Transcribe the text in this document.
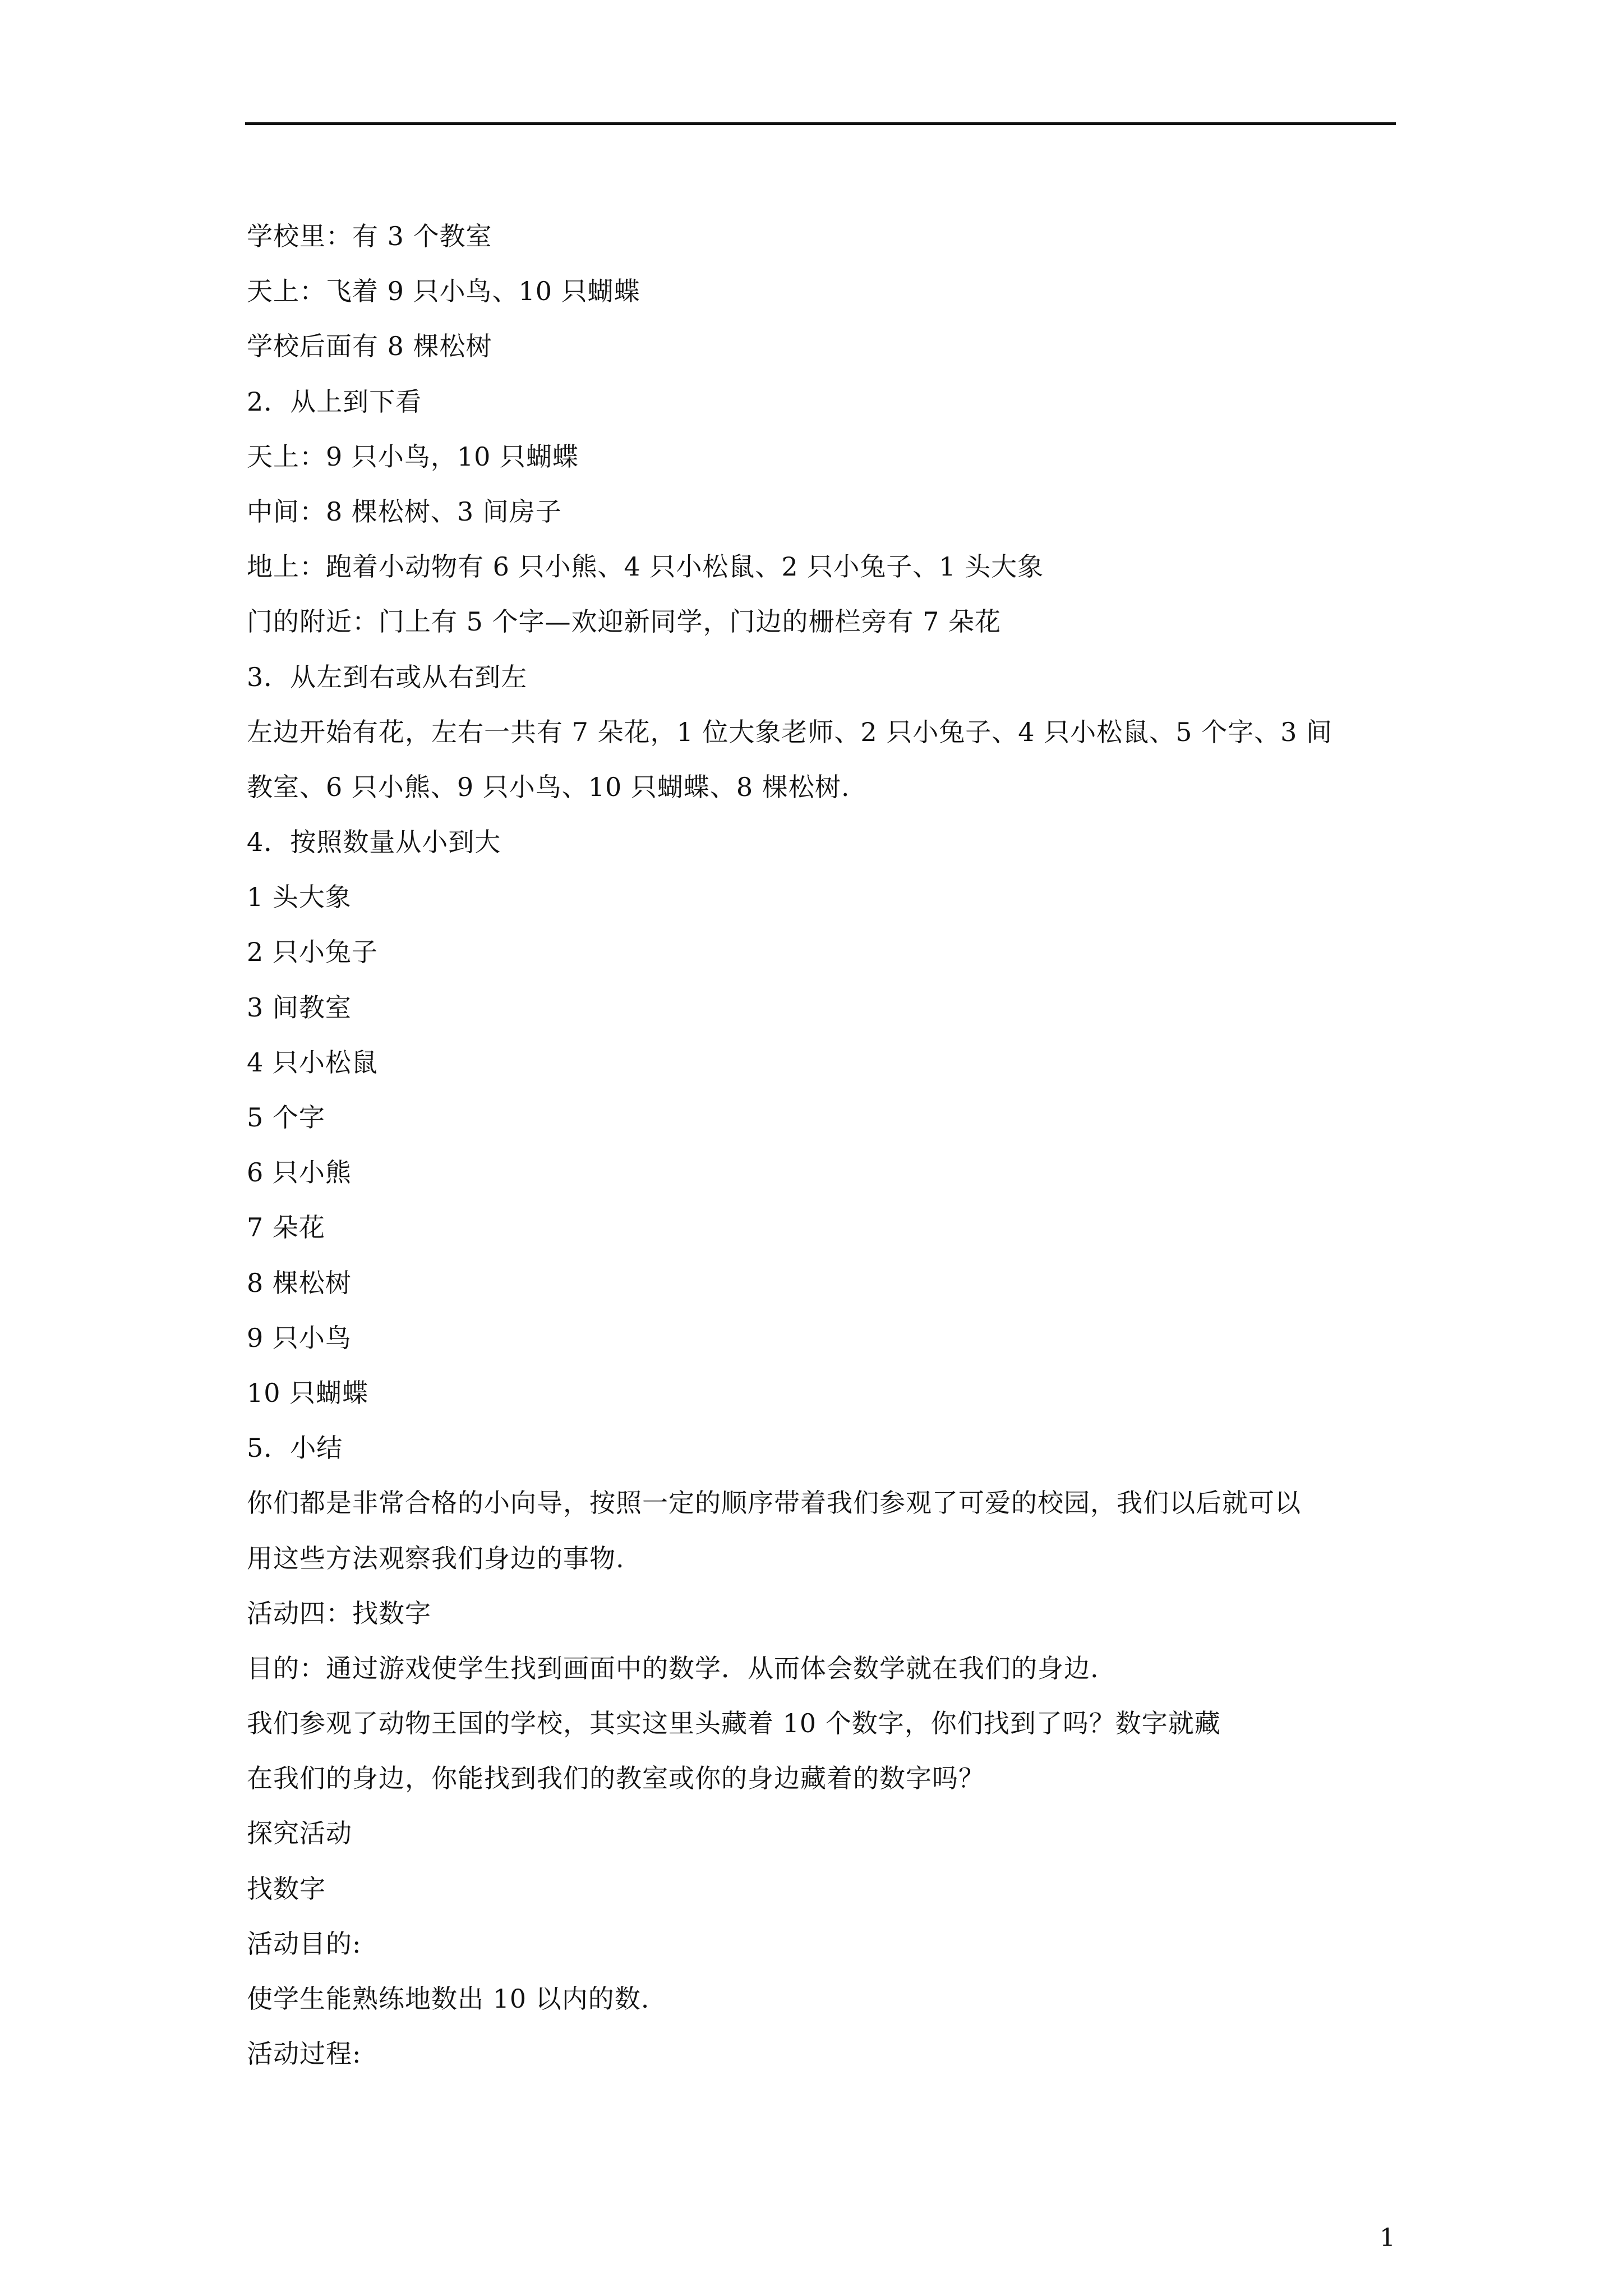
学校里：有 3 个教室
天上：飞着 9 只小鸟、10 只蝴蝶
学校后面有 8 棵松树
2．从上到下看
天上：9 只小鸟，10 只蝴蝶
中间：8 棵松树、3 间房子
地上：跑着小动物有 6 只小熊、4 只小松鼠、2 只小兔子、1 头大象
门的附近：门上有 5 个字—欢迎新同学，门边的栅栏旁有 7 朵花
3．从左到右或从右到左
左边开始有花，左右一共有 7 朵花，1 位大象老师、2 只小兔子、4 只小松鼠、5 个字、3 间
教室、6 只小熊、9 只小鸟、10 只蝴蝶、8 棵松树.
4．按照数量从小到大
1 头大象
2 只小兔子
3 间教室
4 只小松鼠
5 个字
6 只小熊
7 朵花
8 棵松树
9 只小鸟
10 只蝴蝶
5．小结
你们都是非常合格的小向导，按照一定的顺序带着我们参观了可爱的校园，我们以后就可以
用这些方法观察我们身边的事物.
活动四：找数字
目的：通过游戏使学生找到画面中的数学．从而体会数学就在我们的身边.
我们参观了动物王国的学校，其实这里头藏着 10 个数字，你们找到了吗？数字就藏
在我们的身边，你能找到我们的教室或你的身边藏着的数字吗？
探究活动
找数字
活动目的:
使学生能熟练地数出 10 以内的数.
活动过程:
1
